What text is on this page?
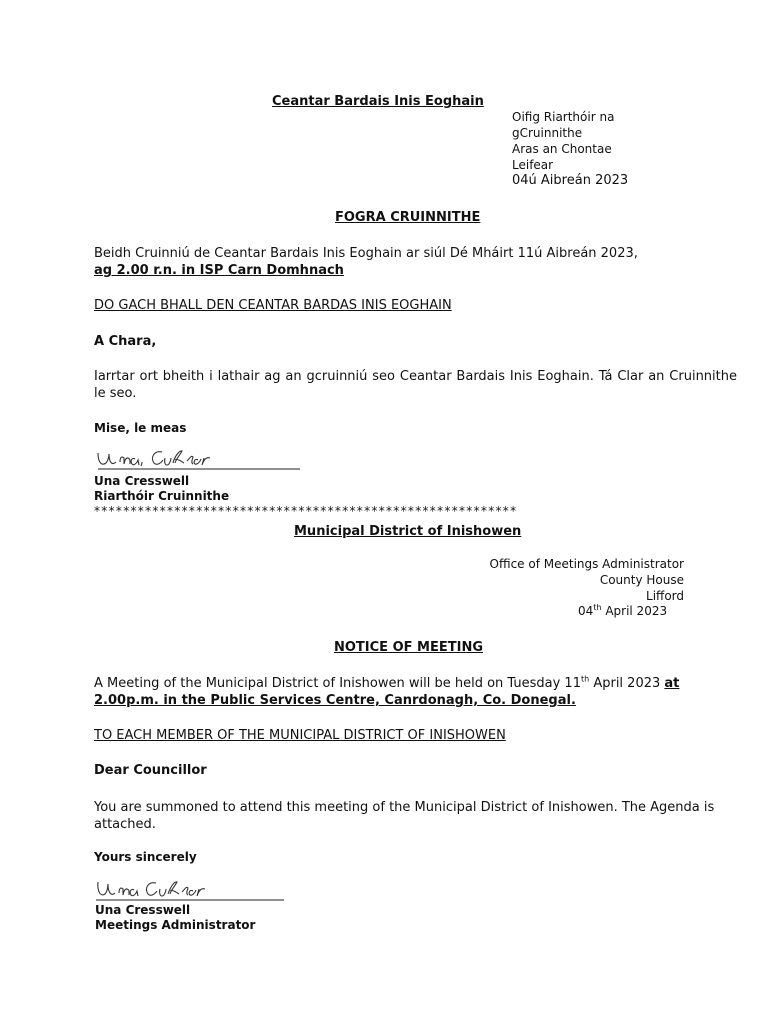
Ceantar Bardais Inis Eoghain
Oifig Riarthóir na
gCruinnithe
Aras an Chontae
Leifear
04ú Aibreán 2023
FOGRA CRUINNITHE
Beidh Cruinniú de Ceantar Bardais Inis Eoghain ar siúl Dé Mháirt 11ú Aibreán 2023,
ag 2.00 r.n. in ISP Carn Domhnach
DO GACH BHALL DEN CEANTAR BARDAS INIS EOGHAIN
A Chara,
Iarrtar ort bheith i lathair ag an gcruinniú seo Ceantar Bardais Inis Eoghain. Tá Clar an Cruinnithe le seo.
Mise, le meas
Una Cresswell
Riarthóir Cruinnithe
**********************************************************
Municipal District of Inishowen
Office of Meetings Administrator
County House
Lifford
04th April 2023
NOTICE OF MEETING
A Meeting of the Municipal District of Inishowen will be held on Tuesday 11th April 2023 at
2.00p.m. in the Public Services Centre, Canrdonagh, Co. Donegal.
TO EACH MEMBER OF THE MUNICIPAL DISTRICT OF INISHOWEN
Dear Councillor
You are summoned to attend this meeting of the Municipal District of Inishowen. The Agenda is attached.
Yours sincerely
Una Cresswell
Meetings Administrator
